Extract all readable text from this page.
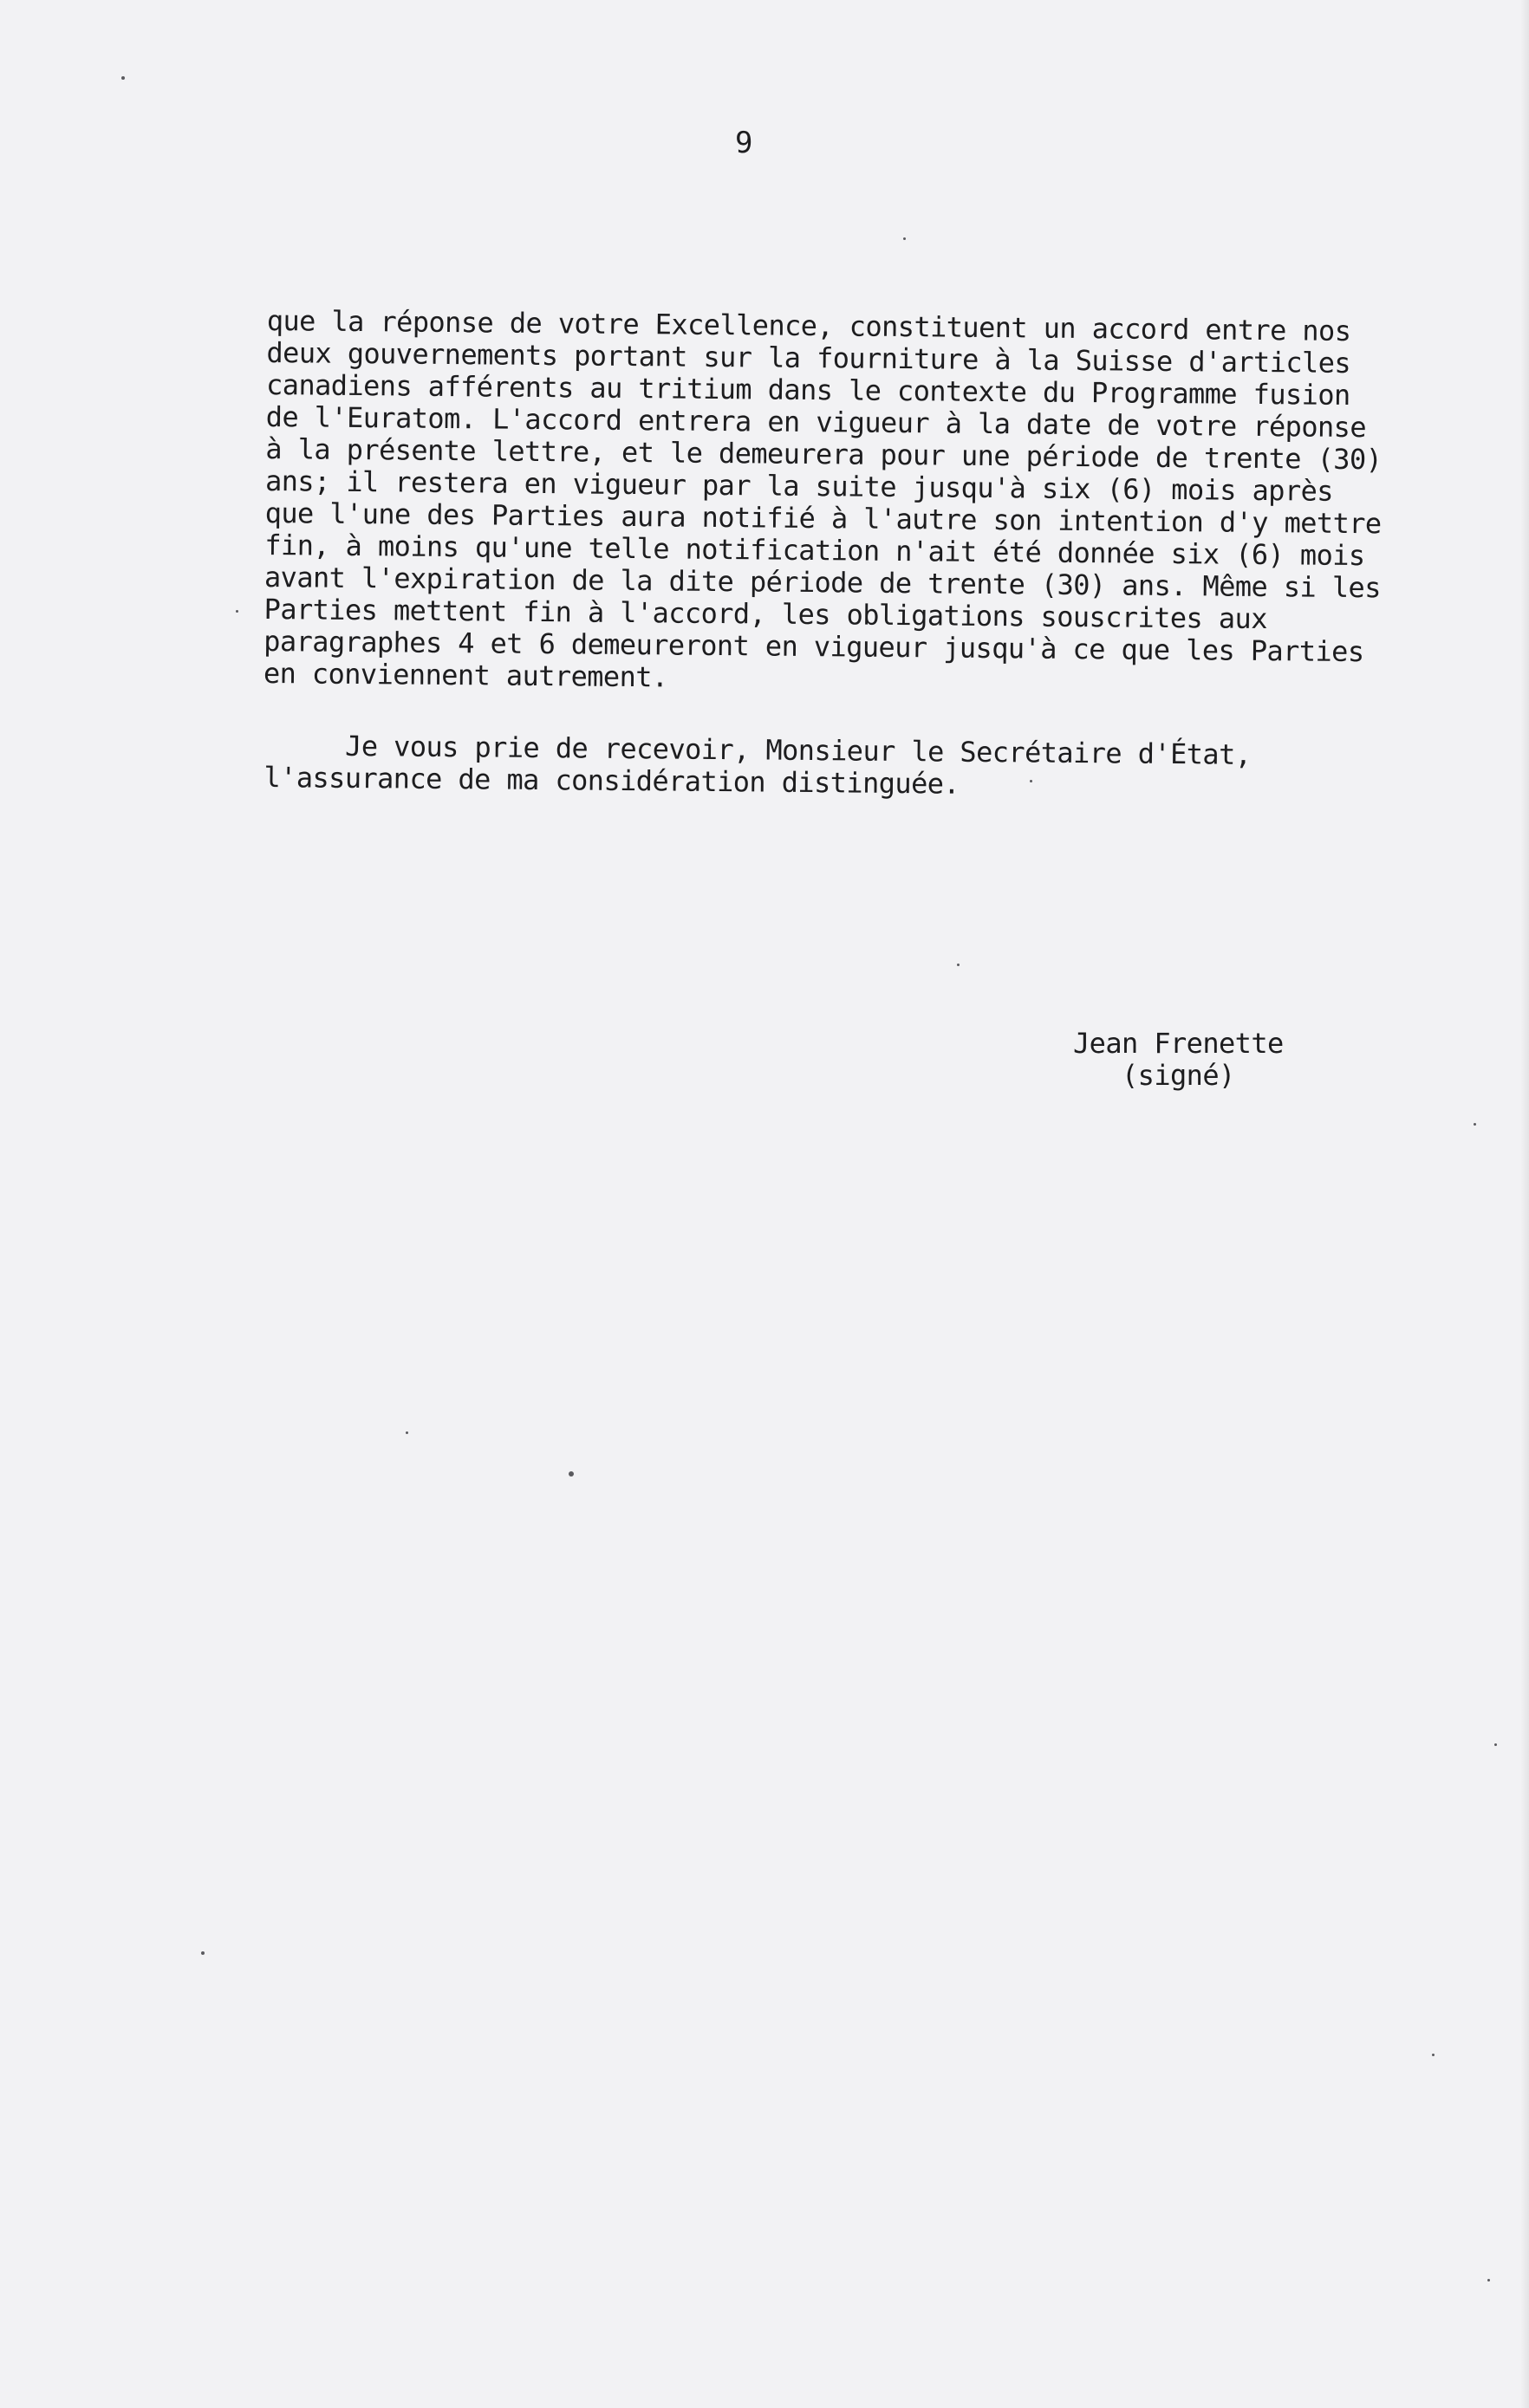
9
que la réponse de votre Excellence, constituent un accord entre nos
deux gouvernements portant sur la fourniture à la Suisse d'articles
canadiens afférents au tritium dans le contexte du Programme fusion
de l'Euratom. L'accord entrera en vigueur à la date de votre réponse
à la présente lettre, et le demeurera pour une période de trente (30)
ans; il restera en vigueur par la suite jusqu'à six (6) mois après
que l'une des Parties aura notifié à l'autre son intention d'y mettre
fin, à moins qu'une telle notification n'ait été donnée six (6) mois
avant l'expiration de la dite période de trente (30) ans. Même si les
Parties mettent fin à l'accord, les obligations souscrites aux
paragraphes 4 et 6 demeureront en vigueur jusqu'à ce que les Parties
en conviennent autrement.
Je vous prie de recevoir, Monsieur le Secrétaire d'État,
l'assurance de ma considération distinguée.
Jean Frenette
(signé)
